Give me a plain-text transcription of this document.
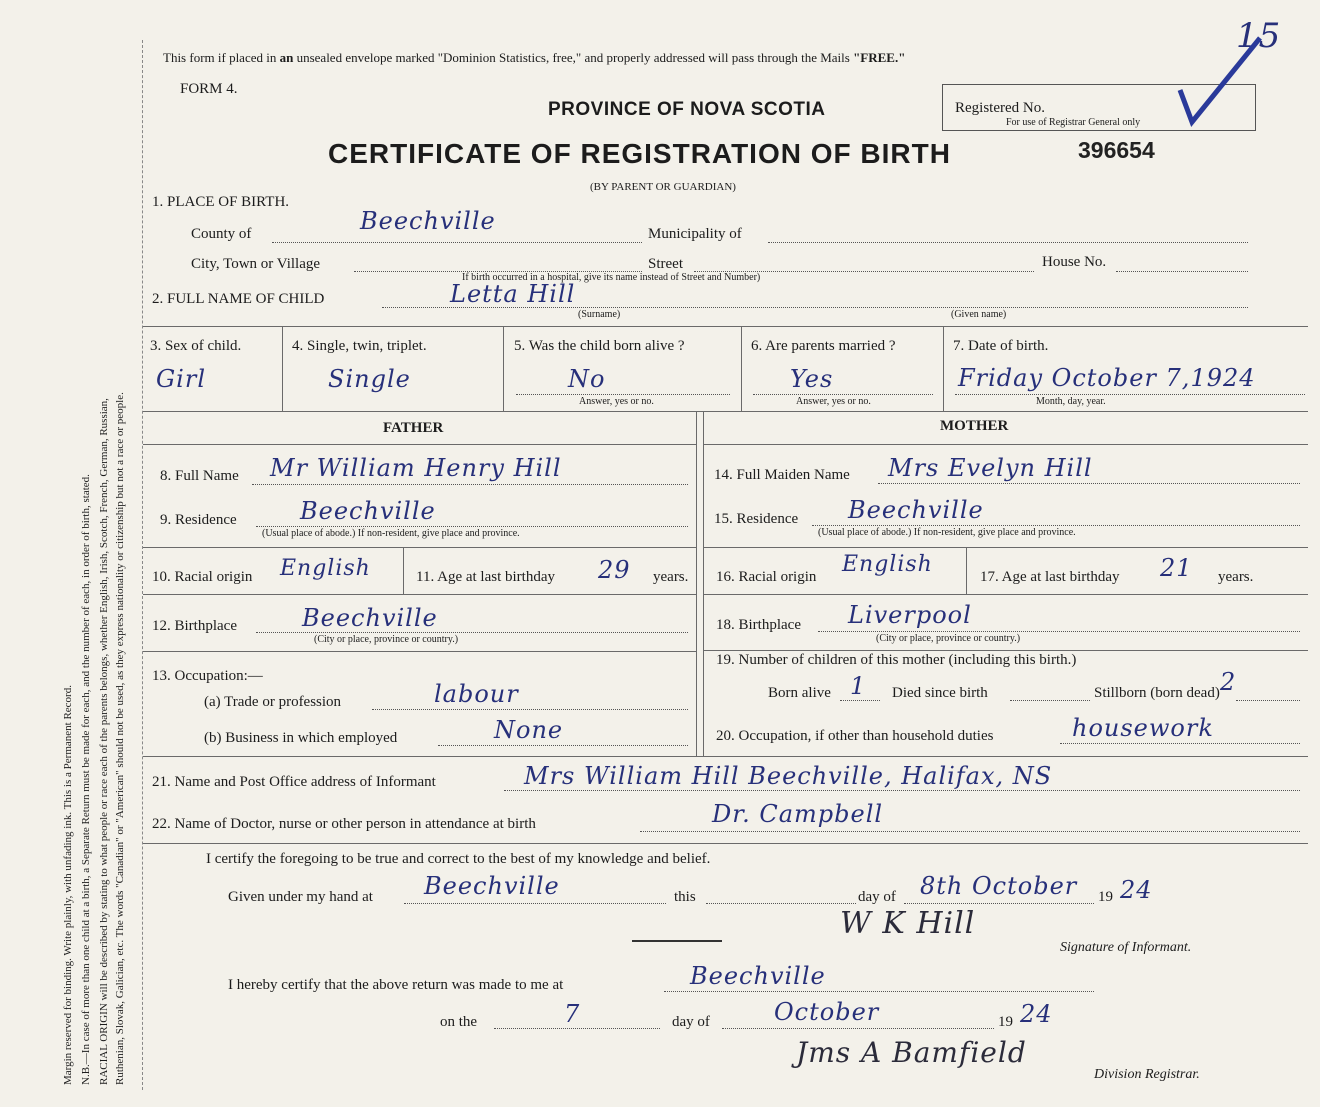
Margin reserved for binding. Write plainly, with unfading ink. This is a Permanent Record. N.B.—In case of more than one child at a birth, a Separate Return must be made for each, and the number of each, in order of birth, stated. RACIAL ORIGIN will be described by stating to what people or race each of the parents belongs, whether English, Irish, Scotch, French, German, Russian, Ruthenian, Slovak, Galician, etc. The words "Canadian" or "American" should not be used, as they express nationality or citizenship but not a race or people.
This form if placed in an unsealed envelope marked "Dominion Statistics, free," and properly addressed will pass through the Mails "FREE."
FORM 4.
PROVINCE OF NOVA SCOTIA
CERTIFICATE OF REGISTRATION OF BIRTH
(BY PARENT OR GUARDIAN)
Registered No.
For use of Registrar General only
396654
15
1. PLACE OF BIRTH.
County of	Beechville	Municipality of
City, Town or Village	Street	House No.
If birth occurred in a hospital, give its name instead of Street and Number)
2. FULL NAME OF CHILD	Letta Hill
(Surname)	(Given name)
3. Sex of child.
Girl
4. Single, twin, triplet.
Single
5. Was the child born alive ?
No
Answer, yes or no.
6. Are parents married ?
Yes
Answer, yes or no.
7. Date of birth.
Friday October 7,1924
Month, day, year.
FATHER	MOTHER
8. Full Name Mr William Henry Hill
9. Residence	Beechville
(Usual place of abode.) If non-resident, give place and province.
10. Racial origin English	11. Age at last birthday 29 years.
12. Birthplace	Beechville
(City or place, province or country.)
13. Occupation:—
(a) Trade or profession	labour
(b) Business in which employed	None
14. Full Maiden Name Mrs Evelyn Hill
15. Residence Beechville
(Usual place of abode.) If non-resident, give place and province.
16. Racial origin English	17. Age at last birthday 21 years.
18. Birthplace Liverpool
(City or place, province or country.)
19. Number of children of this mother (including this birth.)
Born alive 1 Died since birth	Stillborn (born dead) 2
20. Occupation, if other than household duties	housework
21. Name and Post Office address of Informant	Mrs William Hill Beechville, Halifax, NS
22. Name of Doctor, nurse or other person in attendance at birth	Dr. Campbell
I certify the foregoing to be true and correct to the best of my knowledge and belief.
Given under my hand at Beechville	this	day of 8th October 19 24
W K Hill
Signature of Informant.
I hereby certify that the above return was made to me at	Beechville
on the	7	day of	October	19 24
Jms A Bamfield
Division Registrar.
